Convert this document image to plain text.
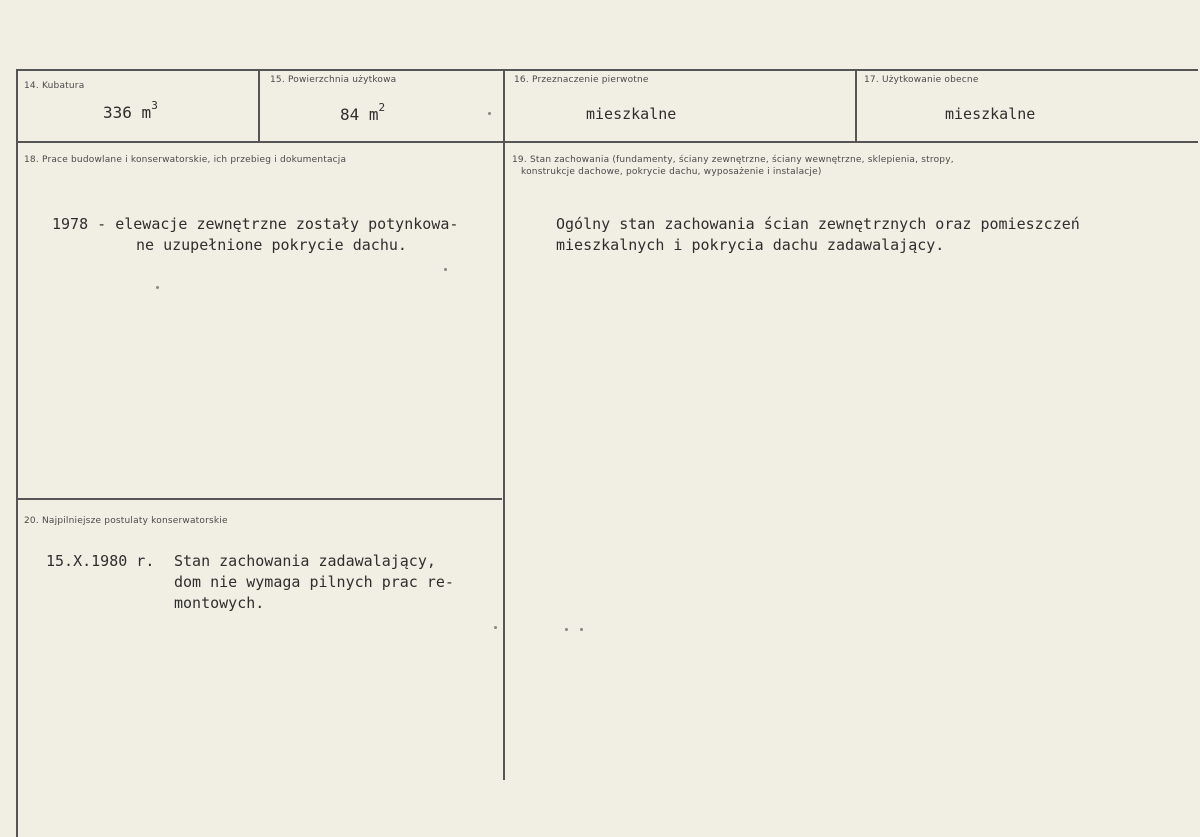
14. Kubatura
336 $m^3$
15. Powierzchnia użytkowa
84 $m^2$
16. Przeznaczenie pierwotne
mieszkalne
17. Użytkowanie obecne
mieszkalne
18. Prace budowlane i konserwatorskie, ich przebieg i dokumentacja
1978 - elewacje zewnętrzne zostały potynkowa-
ne uzupełnione pokrycie dachu.
19. Stan zachowania (fundamenty, ściany zewnętrzne, ściany wewnętrzne, sklepienia, stropy,
konstrukcje dachowe, pokrycie dachu, wyposażenie i instalacje)
Ogólny stan zachowania ścian zewnętrznych oraz pomieszczeń
mieszkalnych i pokrycia dachu zadawalający.
20. Najpilniejsze postulaty konserwatorskie
15.X.1980 r. Stan zachowania zadawalający,
dom nie wymaga pilnych prac re-
montowych.
